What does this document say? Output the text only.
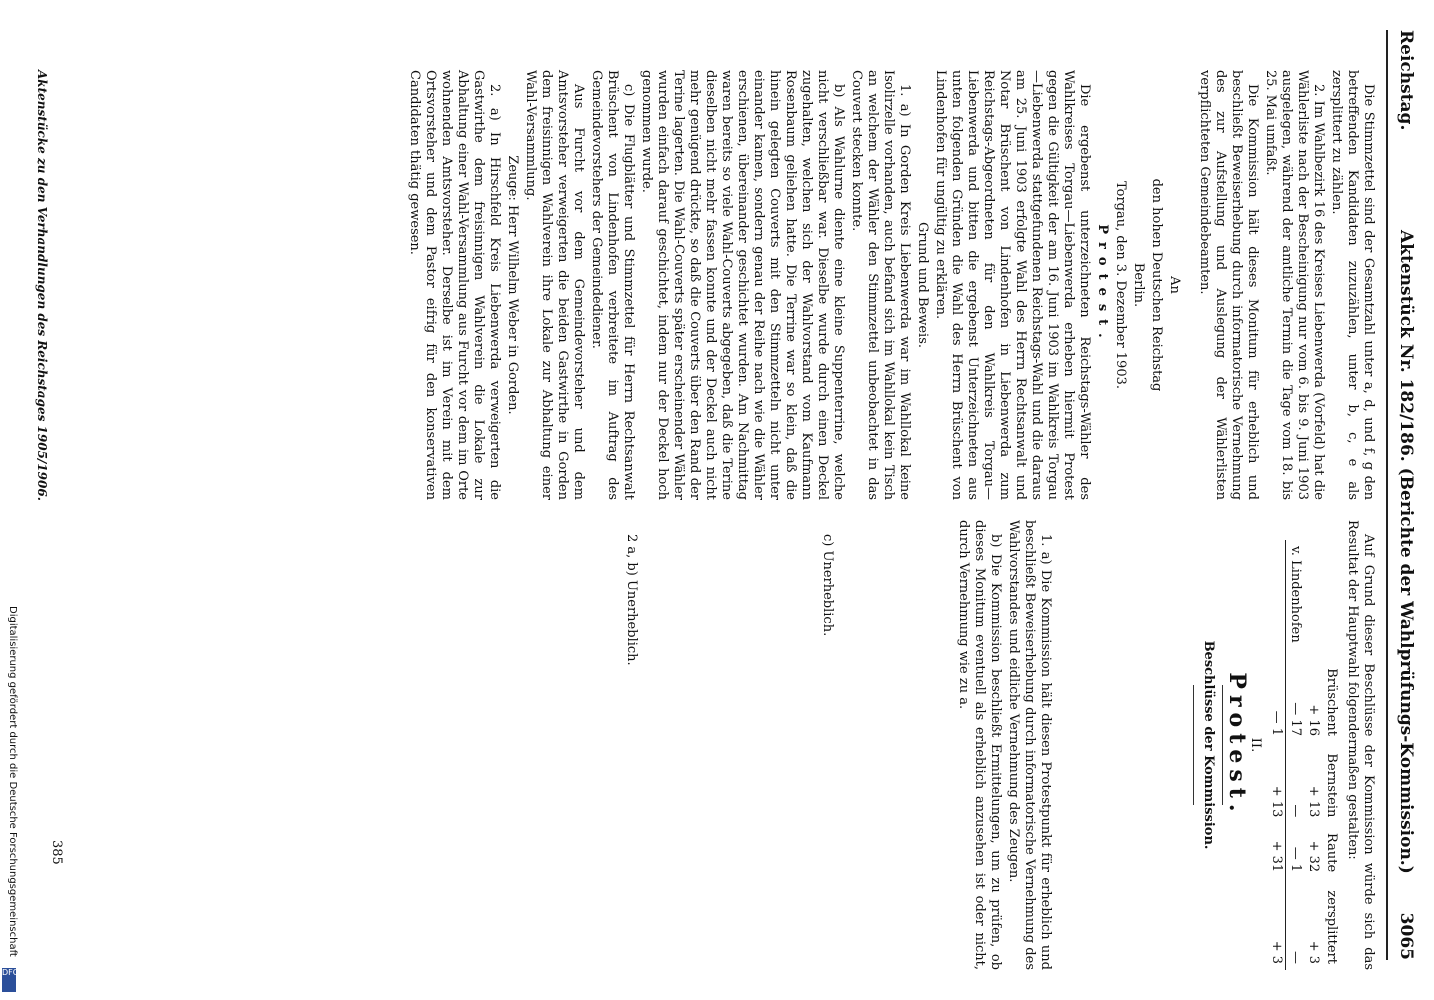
Reichstag.
Aktenstück Nr. 182/186. (Berichte der Wahlprüfungs-Kommission.)
3065

Die Stimmzettel sind der Gesamtzahl unter a, d, und f, g den betreffenden Kandidaten zuzuzählen, unter b, c, e als zersplittert zu zählen.

2. Im Wahlbezirk 16 des Kreises Liebenwerda (Vorfeld) hat die Wählerliste nach der Bescheinigung nur vom 6. bis 9. Juni 1903 ausgelegen, während der amtliche Termin die Tage vom 18. bis 25. Mai umfaßt.

Die Kommission hält dieses Monitum für erheblich und beschließt Beweiserhebung durch informatorische Vernehmung des zur Aufstellung und Auslegung der Wählerlisten verpflichteten Gemeindebeamten.

An

den hohen Deutschen Reichstag

Berlin.

Torgau, den 3. Dezember 1903.

Protest.

Die ergebenst unterzeichneten Reichstags-Wähler des Wahlkreises Torgau—Liebenwerda erheben hiermit Protest gegen die Gültigkeit der am 16. Juni 1903 im Wahlkreis Torgau—Liebenwerda stattgefundenen Reichstags-Wahl und die daraus am 25. Juni 1903 erfolgte Wahl des Herrn Rechtsanwalt und Notar Brüschent von Lindenhofen in Liebenwerda zum Reichstags-Abgeordneten für den Wahlkreis Torgau—Liebenwerda und bitten die ergebenst Unterzeichneten aus unten folgenden Gründen die Wahl des Herrn Brüschent von Lindenhofen für ungültig zu erklären.

Grund und Beweis.

1. a) In Gorden Kreis Liebenwerda war im Wahllokal keine Isolirzelle vorhanden, auch befand sich im Wahllokal kein Tisch an welchem der Wähler den Stimmzettel unbeobachtet in das Couvert stecken konnte.

b) Als Wahlurne diente eine kleine Suppenterrine, welche nicht verschließbar war. Dieselbe wurde durch einen Deckel zugehalten, welchen sich der Wahlvorstand vom Kaufmann Rosenbaum geliehen hatte. Die Terrine war so klein, daß die hinein gelegten Couverts mit den Stimmzetteln nicht unter einander kamen, sondern genau der Reihe nach wie die Wähler erschienen, übereinander geschichtet wurden. Am Nachmittag waren bereits so viele Wahl-Couverts abgegeben, daß die Terine dieselben nicht mehr fassen konnte und der Deckel auch nicht mehr genügend drückte, so daß die Couverts über den Rand der Terine lagerten. Die Wahl-Couverts später erscheinender Wähler wurden einfach darauf geschichtet, indem nur der Deckel hoch genommen wurde.

c) Die Flugblätter und Stimmzettel für Herrn Rechtsanwalt Brüschent von Lindenhofen verbreitete im Auftrag des Gemeindevorstehers der Gemeindediener.

Aus Furcht vor dem Gemeindevorsteher und dem Amtsvorsteher verweigerten die beiden Gastwirthe in Gorden dem freisinnigen Wahlverein ihre Lokale zur Abhaltung einer Wahl-Versammlung.

Zeuge: Herr Wilhelm Weber in Gorden.

2. a) In Hirschfeld Kreis Liebenwerda verweigerten die Gastwirthe dem freisinnigen Wahlverein die Lokale zur Abhaltung einer Wahl-Versammlung aus Furcht vor dem im Orte wohnenden Amtsvorsteher. Derselbe ist im Verein mit dem Ortsvorsteher und dem Pastor eifrig für den konservativen Candidaten thätig gewesen.

Auf Grund dieser Beschlüsse der Kommission würde sich das Resultat der Hauptwahl folgendermaßen gestalten:

	Brüschent	Bernstein	Raute	zersplittert
	+ 16	+ 13	+ 32	+ 3
v. Lindenhofen	— 17	—	— 1	—
	— 1	+ 13	+ 31	+ 3

II.

Protest.

Beschlüsse der Kommission.

1. a) Die Kommission hält diesen Protestpunkt für erheblich und beschließt Beweiserhebung durch informatorische Vernehmung des Wahlvorstandes und eidliche Vernehmung des Zeugen.

b) Die Kommission beschließt Ermittelungen, um zu prüfen, ob dieses Monitum eventuell als erheblich anzusehen ist oder nicht, durch Vernehmung wie zu a.

c) Unerheblich.

2 a, b) Unerheblich.

Aktenstücke zu den Verhandlungen des Reichstages 1905/1906.
385
Digitalisierung gefördert durch die Deutsche Forschungsgemeinschaft
DFG
